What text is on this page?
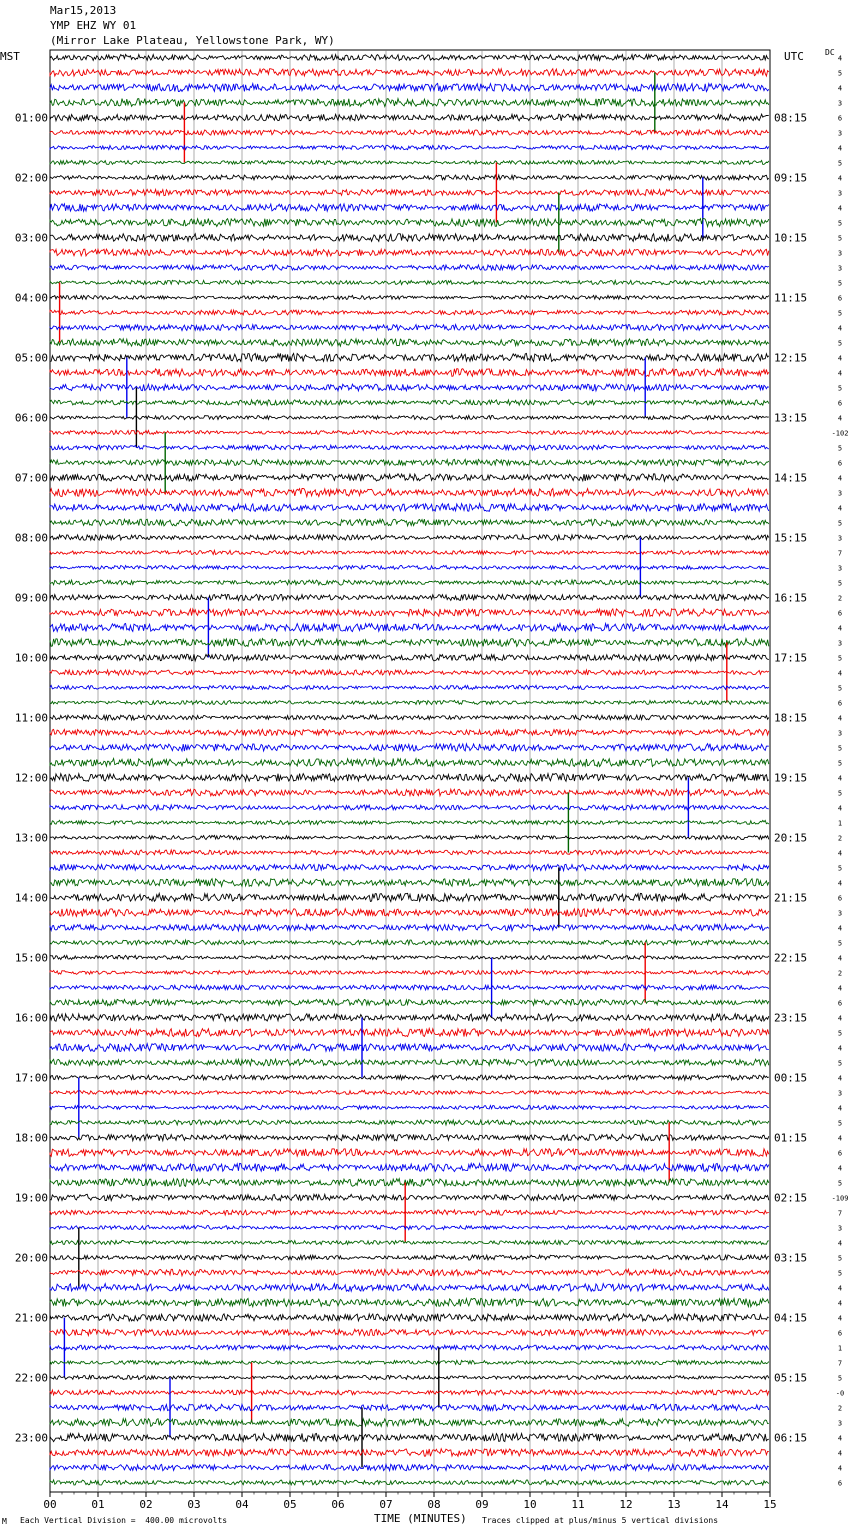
Mar15,2013
YMP EHZ WY 01
(Mirror Lake Plateau, Yellowstone Park, WY)
MST	UTC	DC
4
5
4
3
6
3
4
5
4
3
4
5
5
3
3
5
6
5
4
5
4
4
5
6
4
-102
5
6
4
3
4
5
3
7
3
5
2
6
4
3
5
4
5
6
4
3
5
5
4
5
4
1
2
4
5
4
6
3
4
5
4
2
4
6
4
5
4
5
4
3
4
5
4
6
4
5
-109
7
3
4
5
5
4
4
4
6
1
7
5
-0
2
3
4
4
4
6
01:00
02:00
03:00
04:00
05:00
06:00
07:00
08:00
09:00
10:00
11:00
12:00
13:00
14:00
15:00
16:00
17:00
18:00
19:00
20:00
21:00
22:00
23:00
08:15
09:15
10:15
11:15
12:15
13:15
14:15
15:15
16:15
17:15
18:15
19:15
20:15
21:15
22:15
23:15
00:15
01:15
02:15
03:15
04:15
05:15
06:15
00	01	02	03	04	05	06	07	08	09	10	11	12	13	14	15
M Each Vertical Division =  400.00 microvolts	TIME (MINUTES) Traces clipped at plus/minus 5 vertical divisions
